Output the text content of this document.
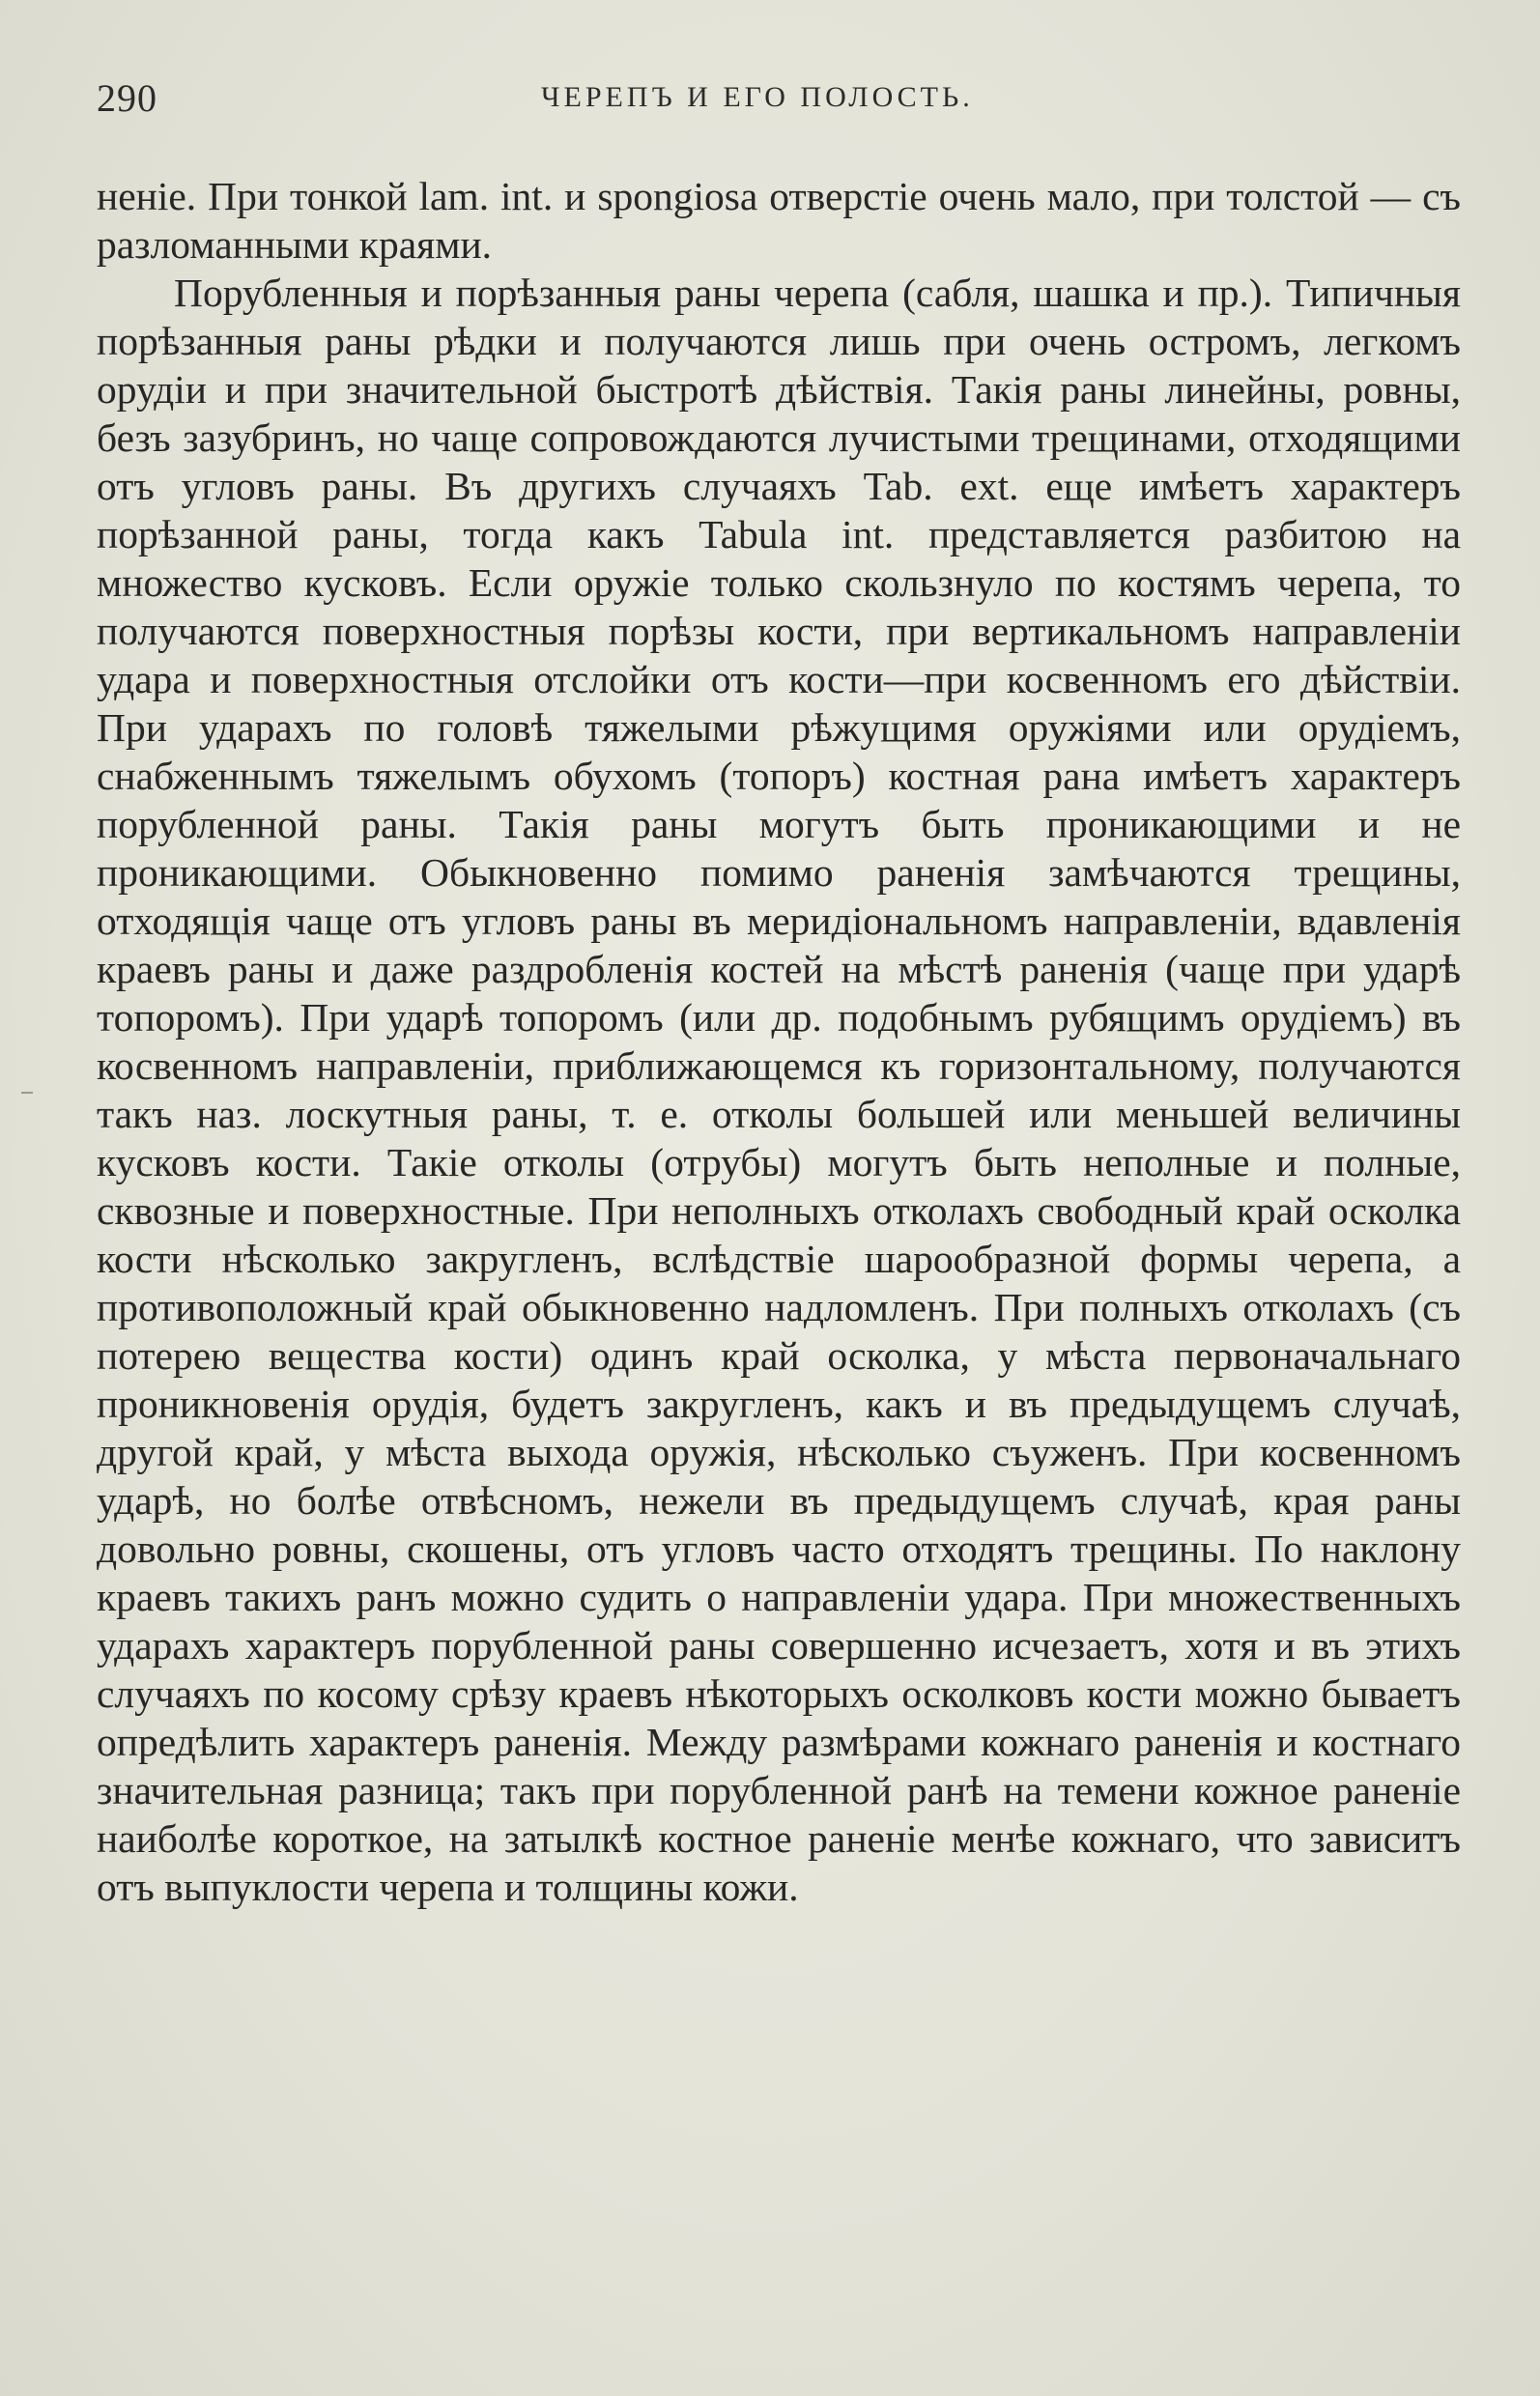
290	ЧЕРЕПЪ И ЕГО ПОЛОСТЬ.

ненiе. При тонкой lam. int. и spongiosa отверстiе очень мало, при толстой — съ разломанными краями.

Порубленныя и порѣзанныя раны черепа (сабля, шашка и пр.). Типичныя порѣзанныя раны рѣдки и получаются лишь при очень остромъ, легкомъ орудiи и при значительной быстротѣ дѣйствiя. Такiя раны линейны, ровны, безъ зазубринъ, но чаще сопровождаются лучистыми трещинами, отходящими отъ угловъ раны. Въ другихъ случаяхъ Tab. ext. еще имѣетъ характеръ порѣзанной раны, тогда какъ Tabula int. представляется разбитою на множество кусковъ. Если оружiе только скользнуло по костямъ черепа, то получаются поверхностныя порѣзы кости, при вертикальномъ направленiи удара и поверхностныя отслойки отъ кости—при косвенномъ его дѣйствiи. При ударахъ по головѣ тяжелыми рѣжущимя оружiями или орудiемъ, снабженнымъ тяжелымъ обухомъ (топоръ) костная рана имѣетъ характеръ порубленной раны. Такiя раны могутъ быть проникающими и не проникающими. Обыкновенно помимо раненiя замѣчаются трещины, отходящiя чаще отъ угловъ раны въ меридiональномъ направленiи, вдавленiя краевъ раны и даже раздробленiя костей на мѣстѣ раненiя (чаще при ударѣ топоромъ). При ударѣ топоромъ (или др. подобнымъ рубящимъ орудiемъ) въ косвенномъ направленiи, приближающемся къ горизонтальному, получаются такъ наз. лоскутныя раны, т. е. отколы большей или меньшей величины кусковъ кости. Такiе отколы (отрубы) могутъ быть неполные и полные, сквозные и поверхностные. При неполныхъ отколахъ свободный край осколка кости нѣсколько закругленъ, вслѣдствiе шарообразной формы черепа, а противоположный край обыкновенно надломленъ. При полныхъ отколахъ (съ потерею вещества кости) одинъ край осколка, у мѣста первоначальнаго проникновенiя орудiя, будетъ закругленъ, какъ и въ предыдущемъ случаѣ, другой край, у мѣста выхода оружiя, нѣсколько съуженъ. При косвенномъ ударѣ, но болѣе отвѣсномъ, нежели въ предыдущемъ случаѣ, края раны довольно ровны, скошены, отъ угловъ часто отходятъ трещины. По наклону краевъ такихъ ранъ можно судить о направленiи удара. При множественныхъ ударахъ характеръ порубленной раны совершенно исчезаетъ, хотя и въ этихъ случаяхъ по косому срѣзу краевъ нѣкоторыхъ осколковъ кости можно бываетъ опредѣлить характеръ раненiя. Между размѣрами кожнаго раненiя и костнаго значительная разница; такъ при порубленной ранѣ на темени кожное раненiе наиболѣе короткое, на затылкѣ костное раненiе менѣе кожнаго, что зависитъ отъ выпуклости черепа и толщины кожи.
